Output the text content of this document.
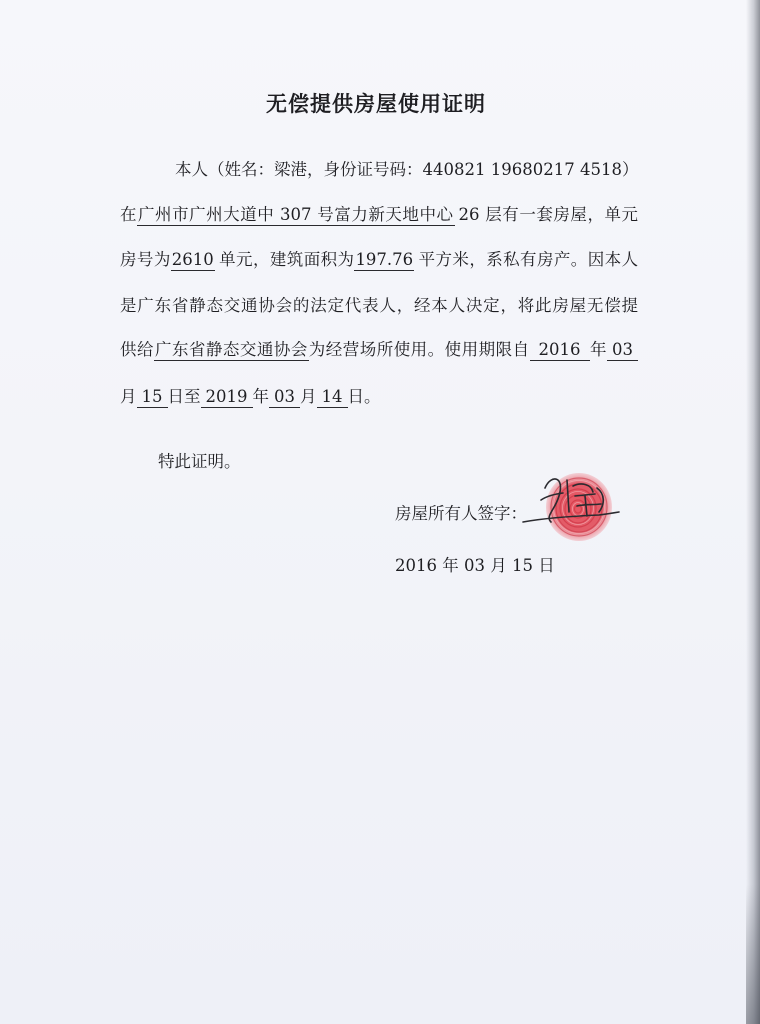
无偿提供房屋使用证明
本人（姓名：梁港，身份证号码：440821 19680217 4518）
在广州市广州大道中 307 号富力新天地中心 26 层有一套房屋，单元
房号为2610 单元，建筑面积为197.76 平方米，系私有房产。因本人
是广东省静态交通协会的法定代表人，经本人决定，将此房屋无偿提
供给广东省静态交通协会为经营场所使用。使用期限自 2016 年 03
月 15 日至 2019 年 03 月 14 日。
特此证明。
房屋所有人签字：
2016 年 03 月 15 日
